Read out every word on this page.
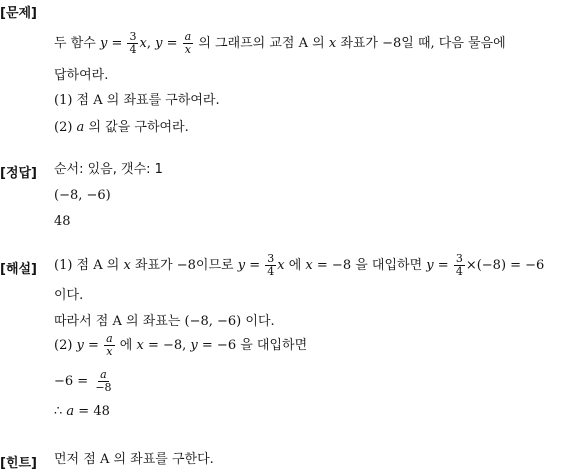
[문제]
두 함수 $y = \frac{3}{4} x$, $y = \frac{a}{x}$ 의 그래프의 교점 A 의 x 좌표가 −8일 때, 다음 물음에
답하여라.
(1) 점 A 의 좌표를 구하여라.
(2) a 의 값을 구하여라.
[정답] 순서: 있음, 갯수: 1
(−8, −6)
48
[해설] (1) 점 A 의 x 좌표가 −8이므로 $y = \frac{3}{4}$ x 에 x = −8 을 대입하면 $y = \frac{3}{4} \times(-8) = -6$
이다.
따라서 점 A 의 좌표는 (−8, −6) 이다.
(2) $y = \frac{a}{x}$ 에 x = −8, y = −6 을 대입하면
$-6 = \frac{a}{-8}$
∴ a = 48
[힌트] 먼저 점 A 의 좌표를 구한다.
